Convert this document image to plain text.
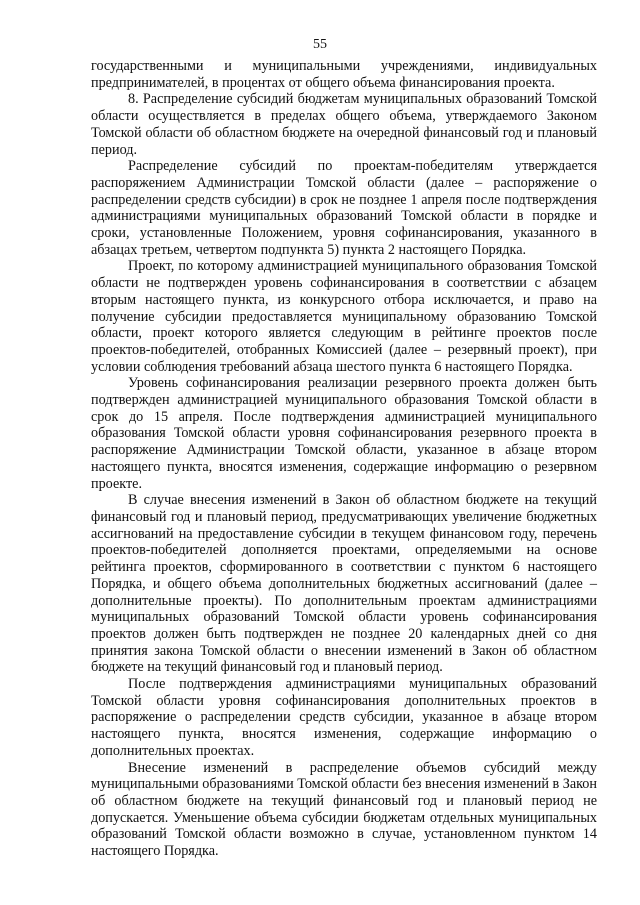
55

государственными и муниципальными учреждениями, индивидуальных предпринимателей, в процентах от общего объема финансирования проекта.

8. Распределение субсидий бюджетам муниципальных образований Томской области осуществляется в пределах общего объема, утверждаемого Законом Томской области об областном бюджете на очередной финансовый год и плановый период.

Распределение субсидий по проектам-победителям утверждается распоряжением Администрации Томской области (далее – распоряжение о распределении средств субсидии) в срок не позднее 1 апреля после подтверждения администрациями муниципальных образований Томской области в порядке и сроки, установленные Положением, уровня софинансирования, указанного в абзацах третьем, четвертом подпункта 5) пункта 2 настоящего Порядка.

Проект, по которому администрацией муниципального образования Томской области не подтвержден уровень софинансирования в соответствии с абзацем вторым настоящего пункта, из конкурсного отбора исключается, и право на получение субсидии предоставляется муниципальному образованию Томской области, проект которого является следующим в рейтинге проектов после проектов-победителей, отобранных Комиссией (далее – резервный проект), при условии соблюдения требований абзаца шестого пункта 6 настоящего Порядка.

Уровень софинансирования реализации резервного проекта должен быть подтвержден администрацией муниципального образования Томской области в срок до 15 апреля. После подтверждения администрацией муниципального образования Томской области уровня софинансирования резервного проекта в распоряжение Администрации Томской области, указанное в абзаце втором настоящего пункта, вносятся изменения, содержащие информацию о резервном проекте.

В случае внесения изменений в Закон об областном бюджете на текущий финансовый год и плановый период, предусматривающих увеличение бюджетных ассигнований на предоставление субсидии в текущем финансовом году, перечень проектов-победителей дополняется проектами, определяемыми на основе рейтинга проектов, сформированного в соответствии с пунктом 6 настоящего Порядка, и общего объема дополнительных бюджетных ассигнований (далее – дополнительные проекты). По дополнительным проектам администрациями муниципальных образований Томской области уровень софинансирования проектов должен быть подтвержден не позднее 20 календарных дней со дня принятия закона Томской области о внесении изменений в Закон об областном бюджете на текущий финансовый год и плановый период.

После подтверждения администрациями муниципальных образований Томской области уровня софинансирования дополнительных проектов в распоряжение о распределении средств субсидии, указанное в абзаце втором настоящего пункта, вносятся изменения, содержащие информацию о дополнительных проектах.

Внесение изменений в распределение объемов субсидий между муниципальными образованиями Томской области без внесения изменений в Закон об областном бюджете на текущий финансовый год и плановый период не допускается. Уменьшение объема субсидии бюджетам отдельных муниципальных образований Томской области возможно в случае, установленном пунктом 14 настоящего Порядка.
